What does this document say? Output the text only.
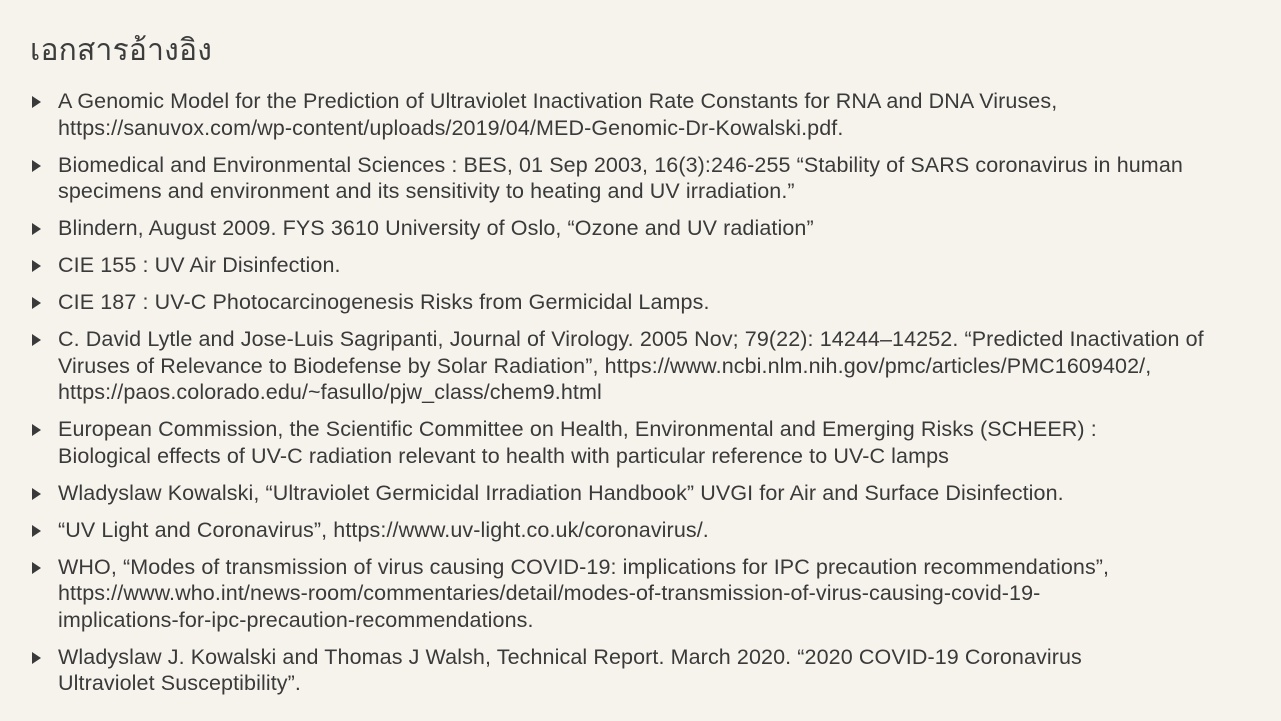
เอกสารอ้างอิง
A Genomic Model for the Prediction of Ultraviolet Inactivation Rate Constants for RNA and DNA Viruses,
https://sanuvox.com/wp-content/uploads/2019/04/MED-Genomic-Dr-Kowalski.pdf.
Biomedical and Environmental Sciences : BES, 01 Sep 2003, 16(3):246-255 “Stability of SARS coronavirus in human
specimens and environment and its sensitivity to heating and UV irradiation.”
Blindern, August 2009. FYS 3610 University of Oslo, “Ozone and UV radiation”
CIE 155 : UV Air Disinfection.
CIE 187 : UV-C Photocarcinogenesis Risks from Germicidal Lamps.
C. David Lytle and Jose-Luis Sagripanti, Journal of Virology. 2005 Nov; 79(22): 14244–14252. “Predicted Inactivation of
Viruses of Relevance to Biodefense by Solar Radiation”, https://www.ncbi.nlm.nih.gov/pmc/articles/PMC1609402/,
https://paos.colorado.edu/~fasullo/pjw_class/chem9.html
European Commission, the Scientific Committee on Health, Environmental and Emerging Risks (SCHEER) :
Biological effects of UV-C radiation relevant to health with particular reference to UV-C lamps
Wladyslaw Kowalski, “Ultraviolet Germicidal Irradiation Handbook” UVGI for Air and Surface Disinfection.
“UV Light and Coronavirus”, https://www.uv-light.co.uk/coronavirus/.
WHO, “Modes of transmission of virus causing COVID-19: implications for IPC precaution recommendations”,
https://www.who.int/news-room/commentaries/detail/modes-of-transmission-of-virus-causing-covid-19-
implications-for-ipc-precaution-recommendations.
Wladyslaw J. Kowalski and Thomas J Walsh, Technical Report. March 2020. “2020 COVID-19 Coronavirus
Ultraviolet Susceptibility”.
